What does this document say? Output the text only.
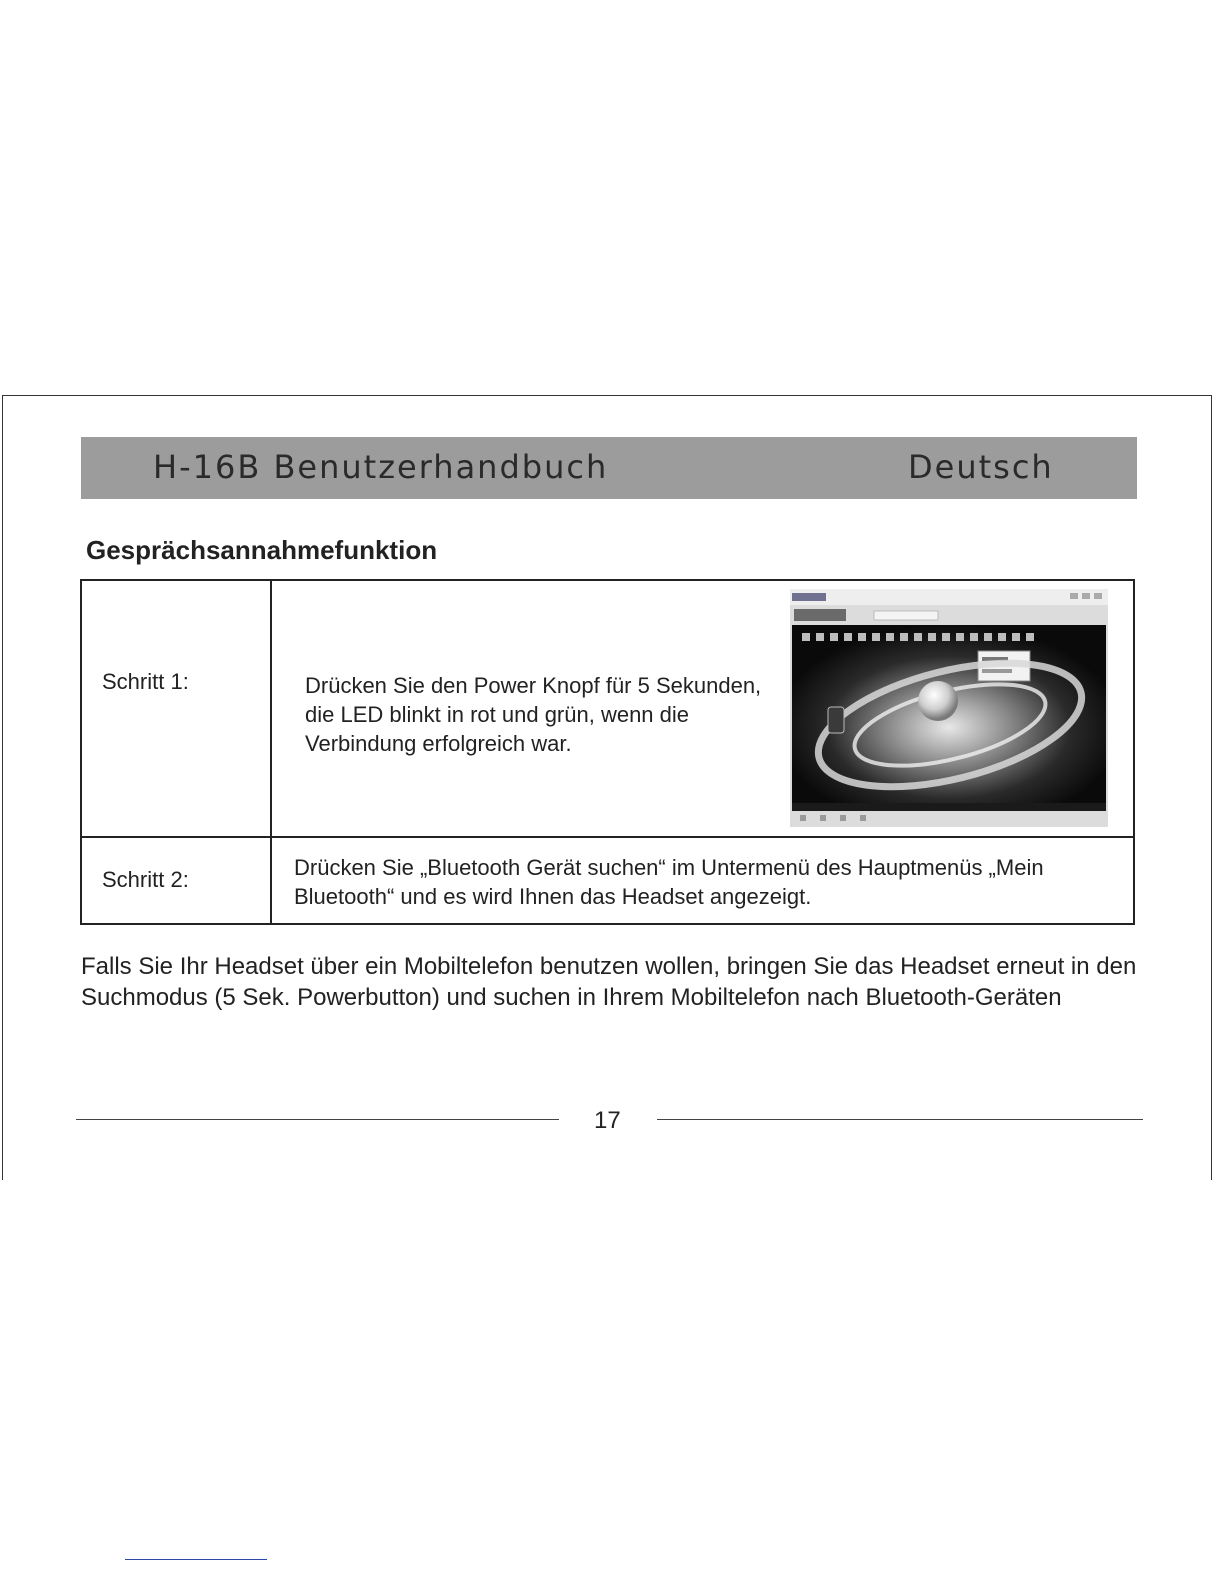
H-16B Benutzerhandbuch	Deutsch
Gesprächsannahmefunktion
Schritt 1:	Drücken Sie den Power Knopf für 5 Sekunden, die LED blinkt in rot und grün, wenn die Verbindung erfolgreich war.
Schritt 2:	Drücken Sie „Bluetooth Gerät suchen“ im Untermenü des Hauptmenüs „Mein Bluetooth“ und es wird Ihnen das Headset angezeigt.
Falls Sie Ihr Headset über ein Mobiltelefon benutzen wollen, bringen Sie das Headset erneut in den Suchmodus (5 Sek. Powerbutton) und suchen in Ihrem Mobiltelefon nach Bluetooth-Geräten
17
